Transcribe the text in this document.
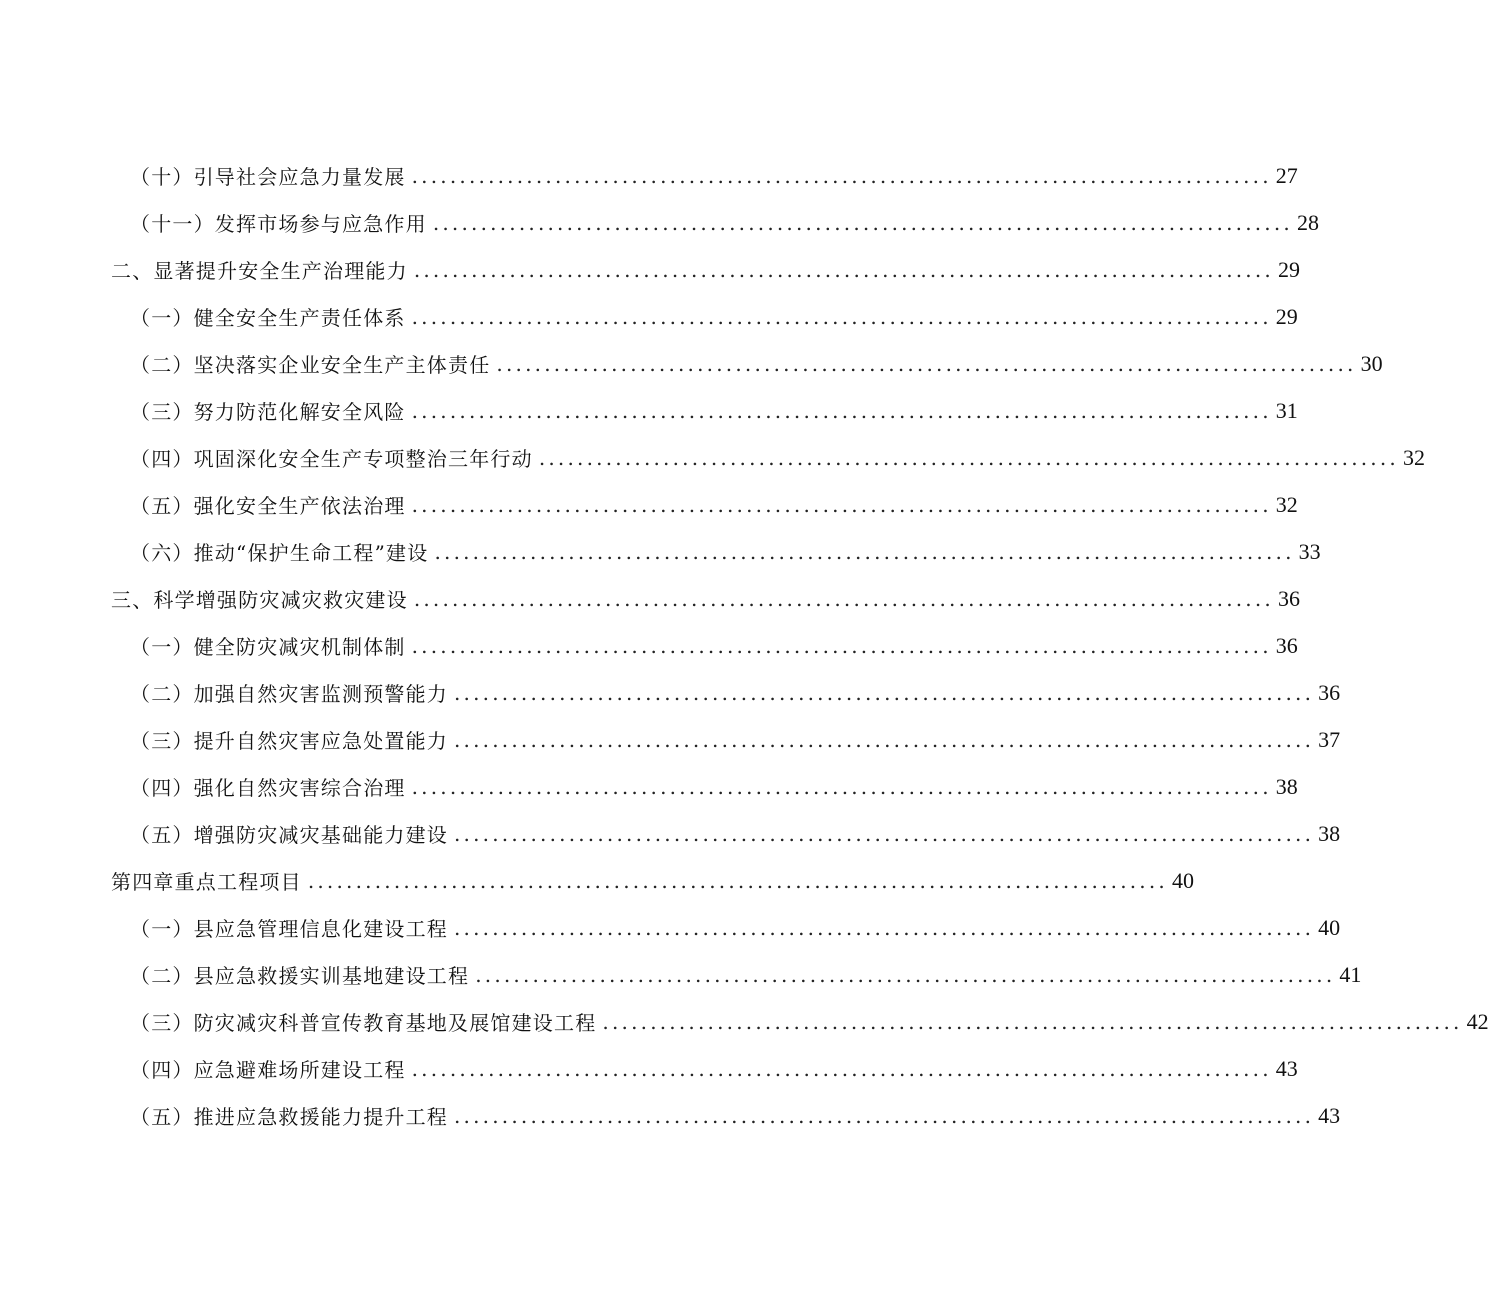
（十）引导社会应急力量发展 .......................................................................................... 27
（十一）发挥市场参与应急作用 .......................................................................................... 28
二、显著提升安全生产治理能力 .......................................................................................... 29
（一）健全安全生产责任体系 .......................................................................................... 29
（二）坚决落实企业安全生产主体责任 .......................................................................................... 30
（三）努力防范化解安全风险 .......................................................................................... 31
（四）巩固深化安全生产专项整治三年行动 .......................................................................................... 32
（五）强化安全生产依法治理 .......................................................................................... 32
（六）推动“保护生命工程”建设 .......................................................................................... 33
三、科学增强防灾减灾救灾建设 .......................................................................................... 36
（一）健全防灾减灾机制体制 .......................................................................................... 36
（二）加强自然灾害监测预警能力 .......................................................................................... 36
（三）提升自然灾害应急处置能力 .......................................................................................... 37
（四）强化自然灾害综合治理 .......................................................................................... 38
（五）增强防灾减灾基础能力建设 .......................................................................................... 38
第四章重点工程项目 .......................................................................................... 40
（一）县应急管理信息化建设工程 .......................................................................................... 40
（二）县应急救援实训基地建设工程 .......................................................................................... 41
（三）防灾减灾科普宣传教育基地及展馆建设工程 .......................................................................................... 42
（四）应急避难场所建设工程 .......................................................................................... 43
（五）推进应急救援能力提升工程 .......................................................................................... 43
